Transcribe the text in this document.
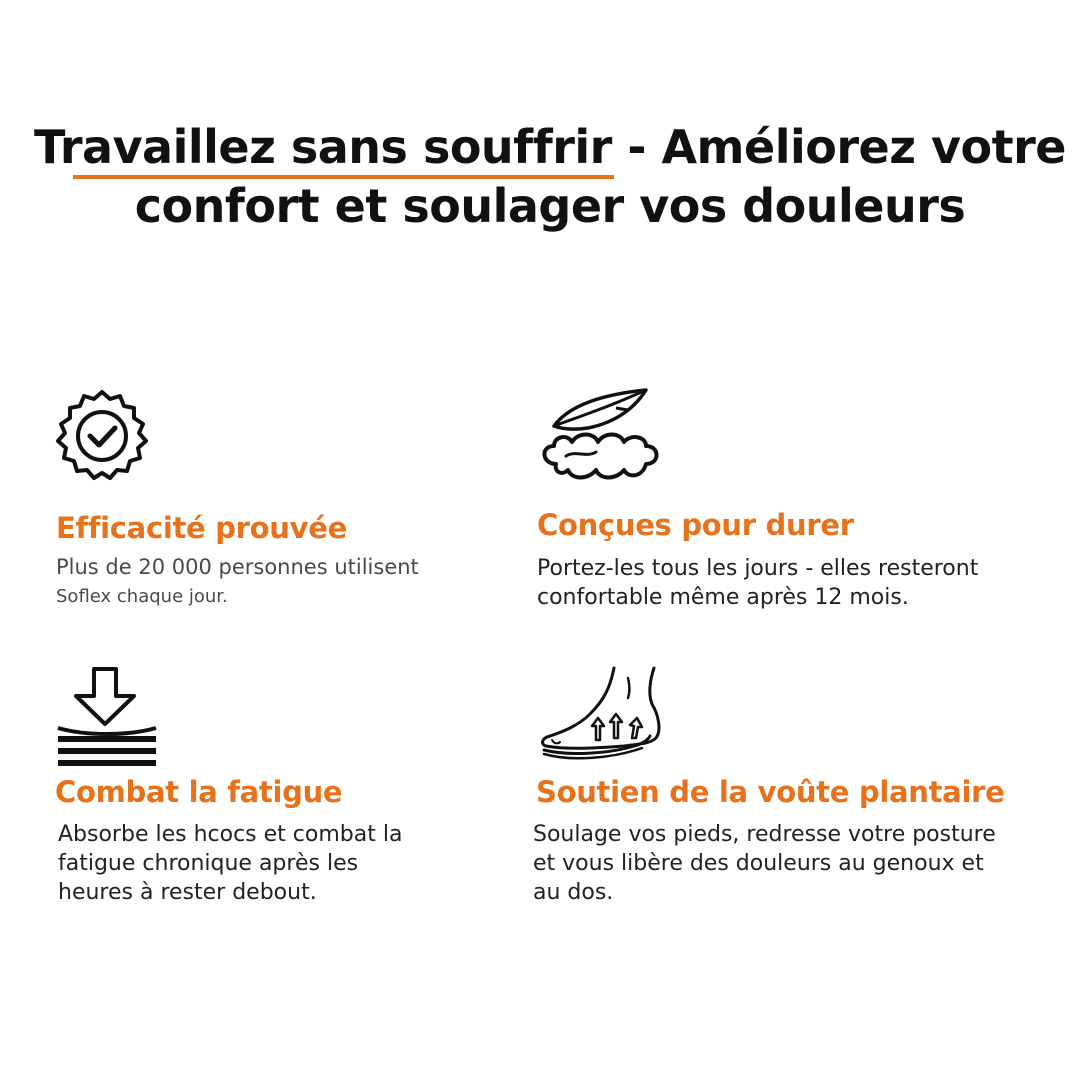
Travaillez sans souffrir - Améliorez votre
confort et soulager vos douleurs
Efficacité prouvée
Plus de 20 000 personnes utilisent
Soflex chaque jour.
Conçues pour durer
Portez-les tous les jours - elles resteront
confortable même après 12 mois.
Combat la fatigue
Absorbe les hcocs et combat la
fatigue chronique après les
heures à rester debout.
Soutien de la voûte plantaire
Soulage vos pieds, redresse votre posture
et vous libère des douleurs au genoux et
au dos.
